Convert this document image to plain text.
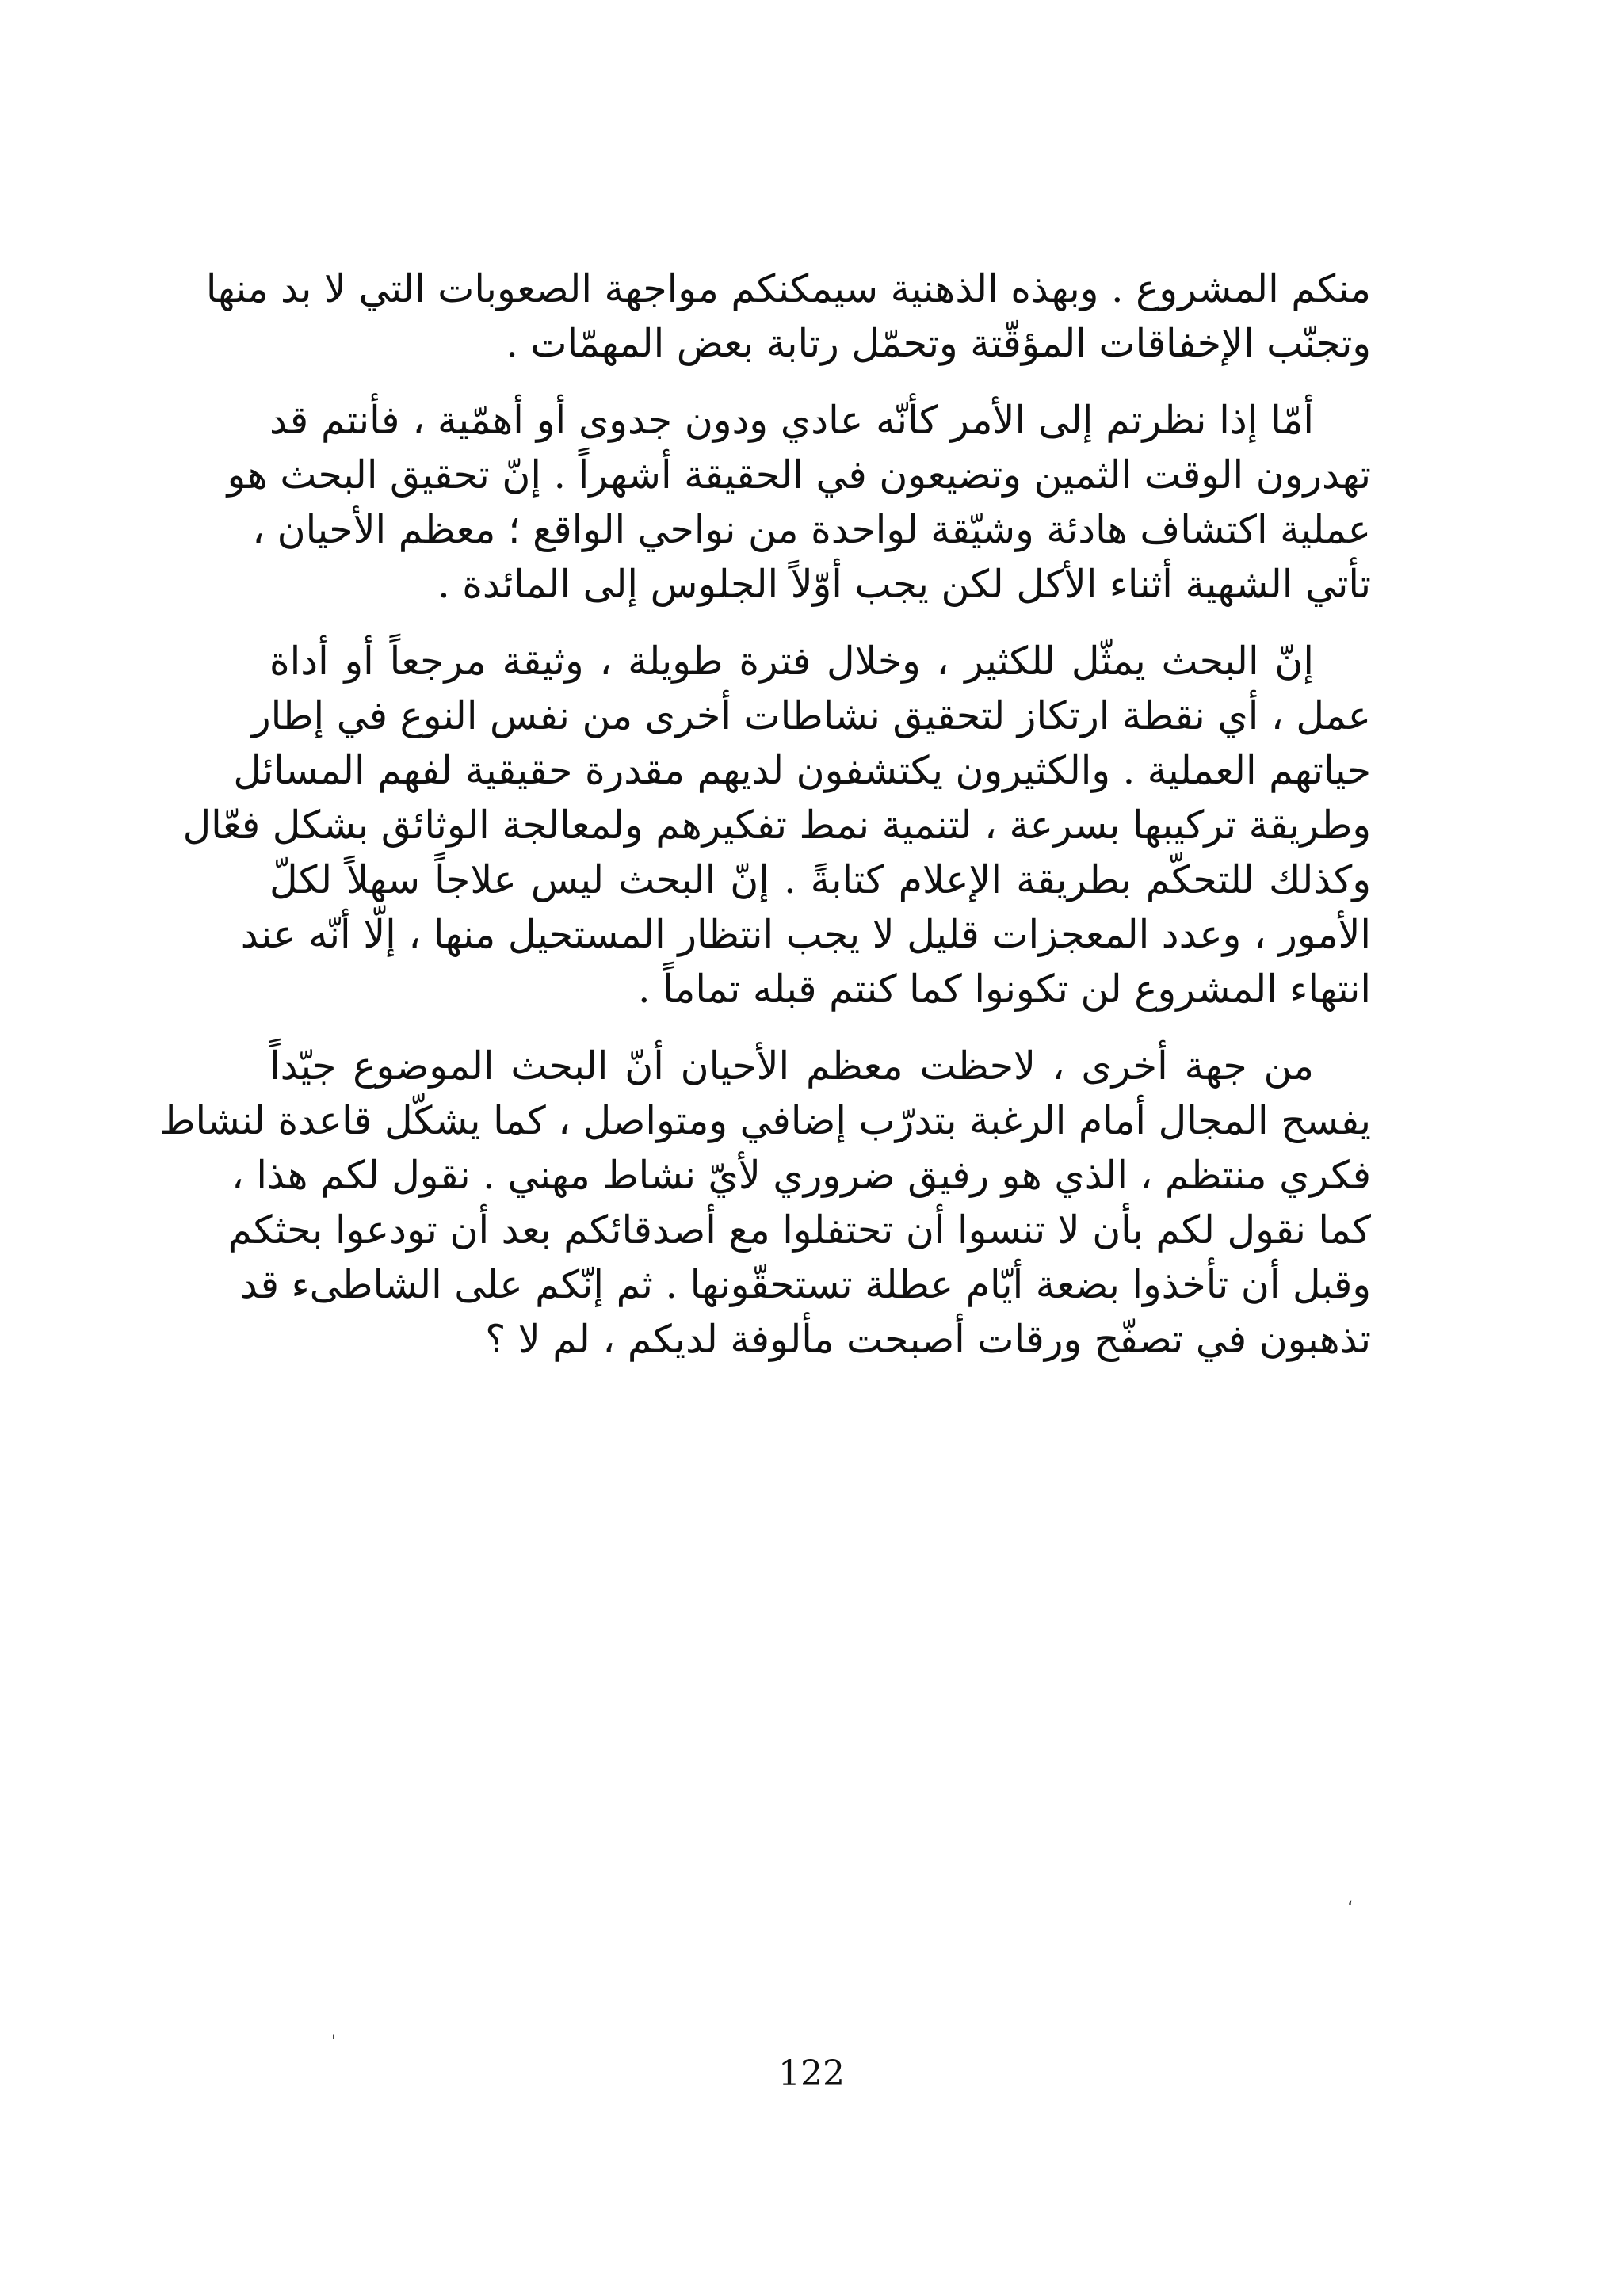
منكم المشروع . وبهذه الذهنية سيمكنكم مواجهة الصعوبات التي لا بد منها
وتجنّب الإخفاقات المؤقّتة وتحمّل رتابة بعض المهمّات .

أمّا إذا نظرتم إلى الأمر كأنّه عادي ودون جدوى أو أهمّية ، فأنتم قد
تهدرون الوقت الثمين وتضيعون في الحقيقة أشهراً . إنّ تحقيق البحث هو
عملية اكتشاف هادئة وشيّقة لواحدة من نواحي الواقع ؛ معظم الأحيان ،
تأتي الشهية أثناء الأكل لكن يجب أوّلاً الجلوس إلى المائدة .

إنّ البحث يمثّل للكثير ، وخلال فترة طويلة ، وثيقة مرجعاً أو أداة
عمل ، أي نقطة ارتكاز لتحقيق نشاطات أخرى من نفس النوع في إطار
حياتهم العملية . والكثيرون يكتشفون لديهم مقدرة حقيقية لفهم المسائل
وطريقة تركيبها بسرعة ، لتنمية نمط تفكيرهم ولمعالجة الوثائق بشكل فعّال
وكذلك للتحكّم بطريقة الإعلام كتابةً . إنّ البحث ليس علاجاً سهلاً لكلّ
الأمور ، وعدد المعجزات قليل لا يجب انتظار المستحيل منها ، إلّا أنّه عند
انتهاء المشروع لن تكونوا كما كنتم قبله تماماً .

من جهة أخرى ، لاحظت معظم الأحيان أنّ البحث الموضوع جيّداً
يفسح المجال أمام الرغبة بتدرّب إضافي ومتواصل ، كما يشكّل قاعدة لنشاط
فكري منتظم ، الذي هو رفيق ضروري لأيّ نشاط مهني . نقول لكم هذا ،
كما نقول لكم بأن لا تنسوا أن تحتفلوا مع أصدقائكم بعد أن تودعوا بحثكم
وقبل أن تأخذوا بضعة أيّام عطلة تستحقّونها . ثم إنّكم على الشاطىء قد
تذهبون في تصفّح ورقات أصبحت مألوفة لديكم ، لم لا ؟

،
'
122
